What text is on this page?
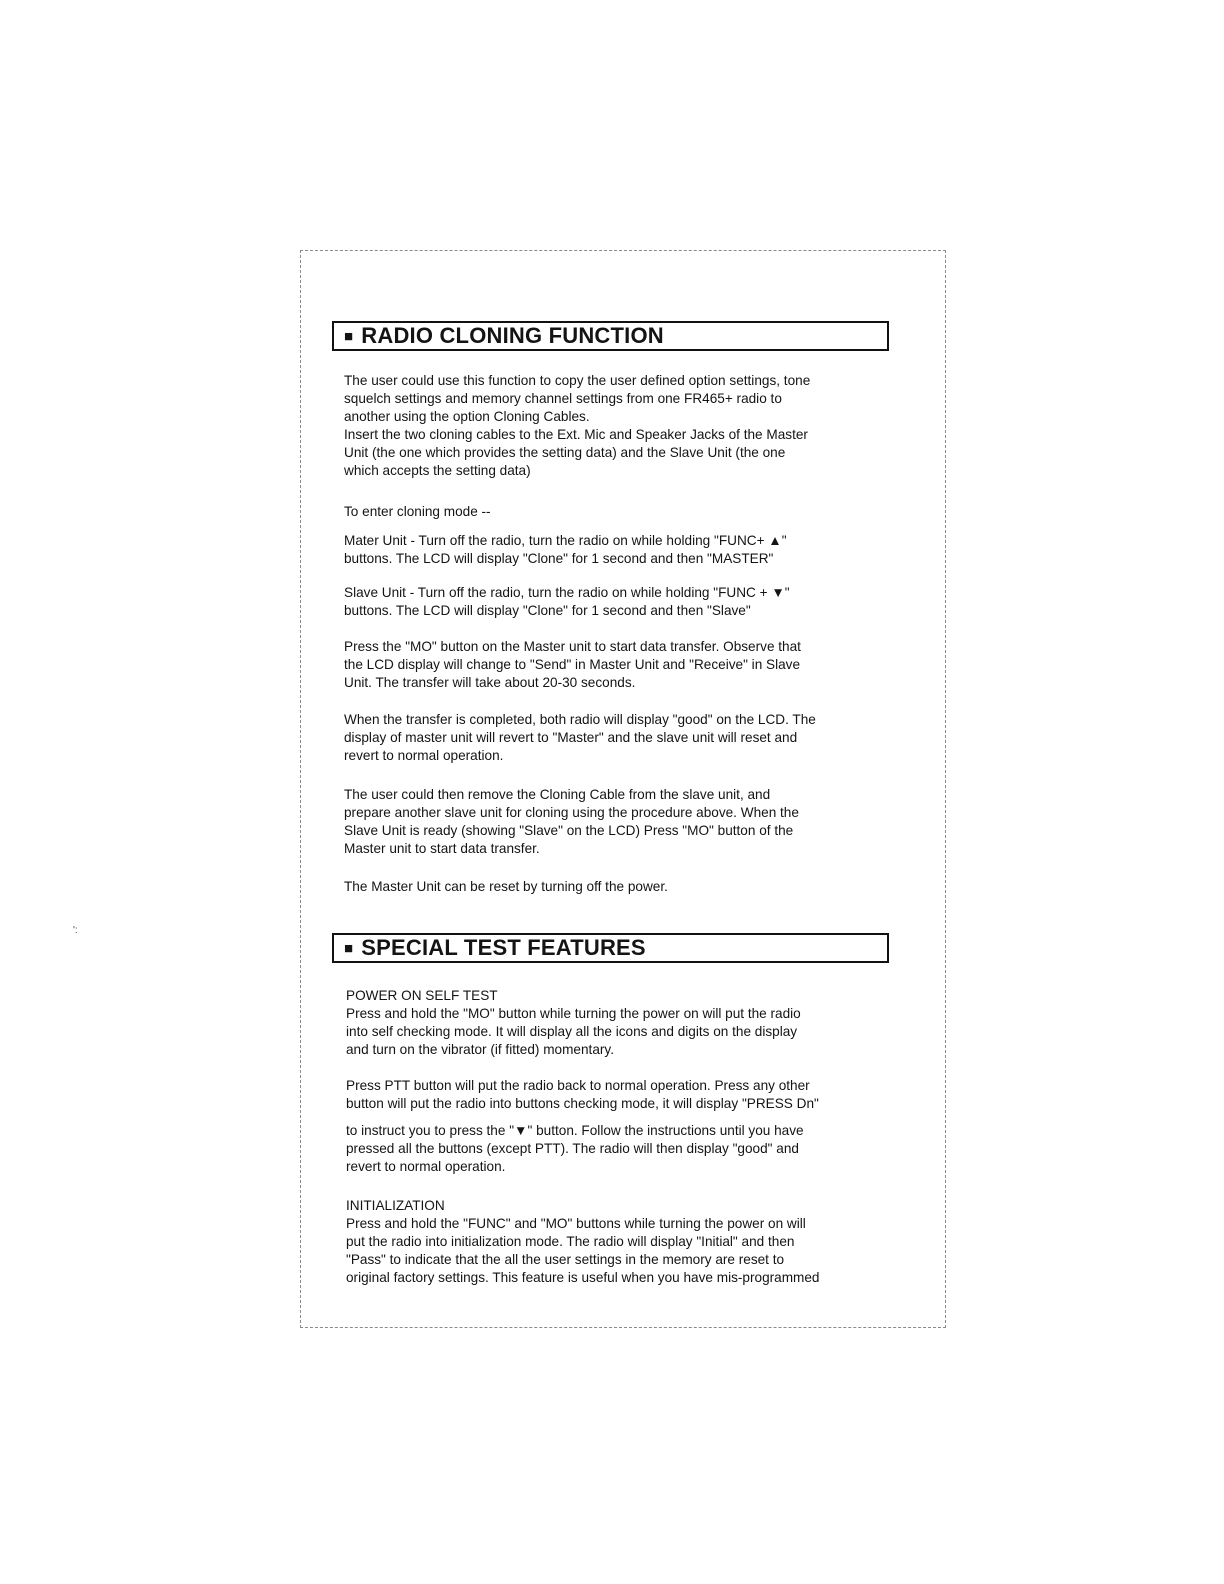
■ RADIO CLONING FUNCTION
The user could use this function to copy the user defined option settings, tone
squelch settings and memory channel settings from one FR465+ radio to
another using the option Cloning Cables.
Insert the two cloning cables to the Ext. Mic and Speaker Jacks of the Master
Unit (the one which provides the setting data) and the Slave Unit (the one
which accepts the setting data)
To enter cloning mode --
Mater Unit - Turn off the radio, turn the radio on while holding "FUNC+ ▲"
buttons. The LCD will display "Clone" for 1 second and then "MASTER"
Slave Unit - Turn off the radio, turn the radio on while holding "FUNC + ▼"
buttons. The LCD will display "Clone" for 1 second and then "Slave"
Press the "MO" button on the Master unit to start data transfer. Observe that
the LCD display will change to "Send" in Master Unit and "Receive" in Slave
Unit. The transfer will take about 20-30 seconds.
When the transfer is completed, both radio will display "good" on the LCD. The
display of master unit will revert to "Master" and the slave unit will reset and
revert to normal operation.
The user could then remove the Cloning Cable from the slave unit, and
prepare another slave unit for cloning using the procedure above. When the
Slave Unit is ready (showing "Slave" on the LCD) Press "MO" button of the
Master unit to start data transfer.
The Master Unit can be reset by turning off the power.
':
■ SPECIAL TEST FEATURES
POWER ON SELF TEST
Press and hold the "MO" button while turning the power on will put the radio
into self checking mode. It will display all the icons and digits on the display
and turn on the vibrator (if fitted) momentary.
Press PTT button will put the radio back to normal operation. Press any other
button will put the radio into buttons checking mode, it will display "PRESS Dn"
to instruct you to press the "▼" button. Follow the instructions until you have
pressed all the buttons (except PTT). The radio will then display "good" and
revert to normal operation.
INITIALIZATION
Press and hold the "FUNC" and "MO" buttons while turning the power on will
put the radio into initialization mode. The radio will display "Initial" and then
"Pass" to indicate that the all the user settings in the memory are reset to
original factory settings. This feature is useful when you have mis-programmed
